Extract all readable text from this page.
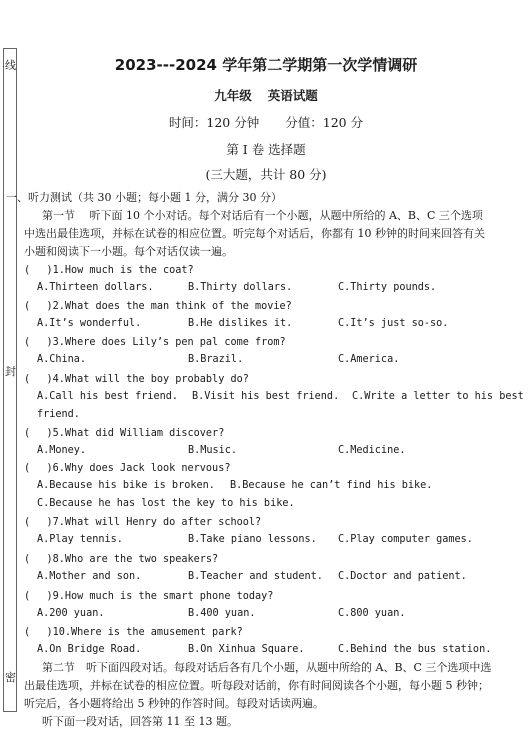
线
封
密
2023---2024 学年第二学期第一次学情调研
九年级 英语试题
时间：120 分钟 分值：120 分
第 I 卷 选择题
(三大题，共计 80 分)
一、听力测试（共 30 小题；每小题 1 分，满分 30 分）
第一节　 听下面 10 个小对话。每个对话后有一个小题，从题中所给的 A、B、C 三个选项
中选出最佳选项，并标在试卷的相应位置。听完每个对话后，你都有 10 秒钟的时间来回答有关
小题和阅读下一小题。每个对话仅读一遍。
(　 )1.How much is the coat?
A.Thirteen dollars.	B.Thirty dollars.	C.Thirty pounds.
(　 )2.What does the man think of the movie?
A.It’s wonderful.	B.He dislikes it.	C.It’s just so-so.
(　 )3.Where does Lily’s pen pal come from?
A.China.	B.Brazil.	C.America.
(　 )4.What will the boy probably do?
A.Call his best friend. B.Visit his best friend. C.Write a letter to his best
friend.
(　 )5.What did William discover?
A.Money.	B.Music.	C.Medicine.
(　 )6.Why does Jack look nervous?
A.Because his bike is broken. B.Because he can’t find his bike.
C.Because he has lost the key to his bike.
(　 )7.What will Henry do after school?
A.Play tennis.	B.Take piano lessons. C.Play computer games.
(　 )8.Who are the two speakers?
A.Mother and son.	B.Teacher and student. C.Doctor and patient.
(　 )9.How much is the smart phone today?
A.200 yuan.	B.400 yuan.	C.800 yuan.
(　 )10.Where is the amusement park?
A.On Bridge Road.	B.On Xinhua Square.	C.Behind the bus station.
第二节　听下面四段对话。每段对话后各有几个小题，从题中所给的 A、B、C 三个选项中选
出最佳选项，并标在试卷的相应位置。听每段对话前，你有时间阅读各个小题，每小题 5 秒钟；
听完后，各小题将给出 5 秒钟的作答时间。每段对话读两遍。
听下面一段对话，回答第 11 至 13 题。
